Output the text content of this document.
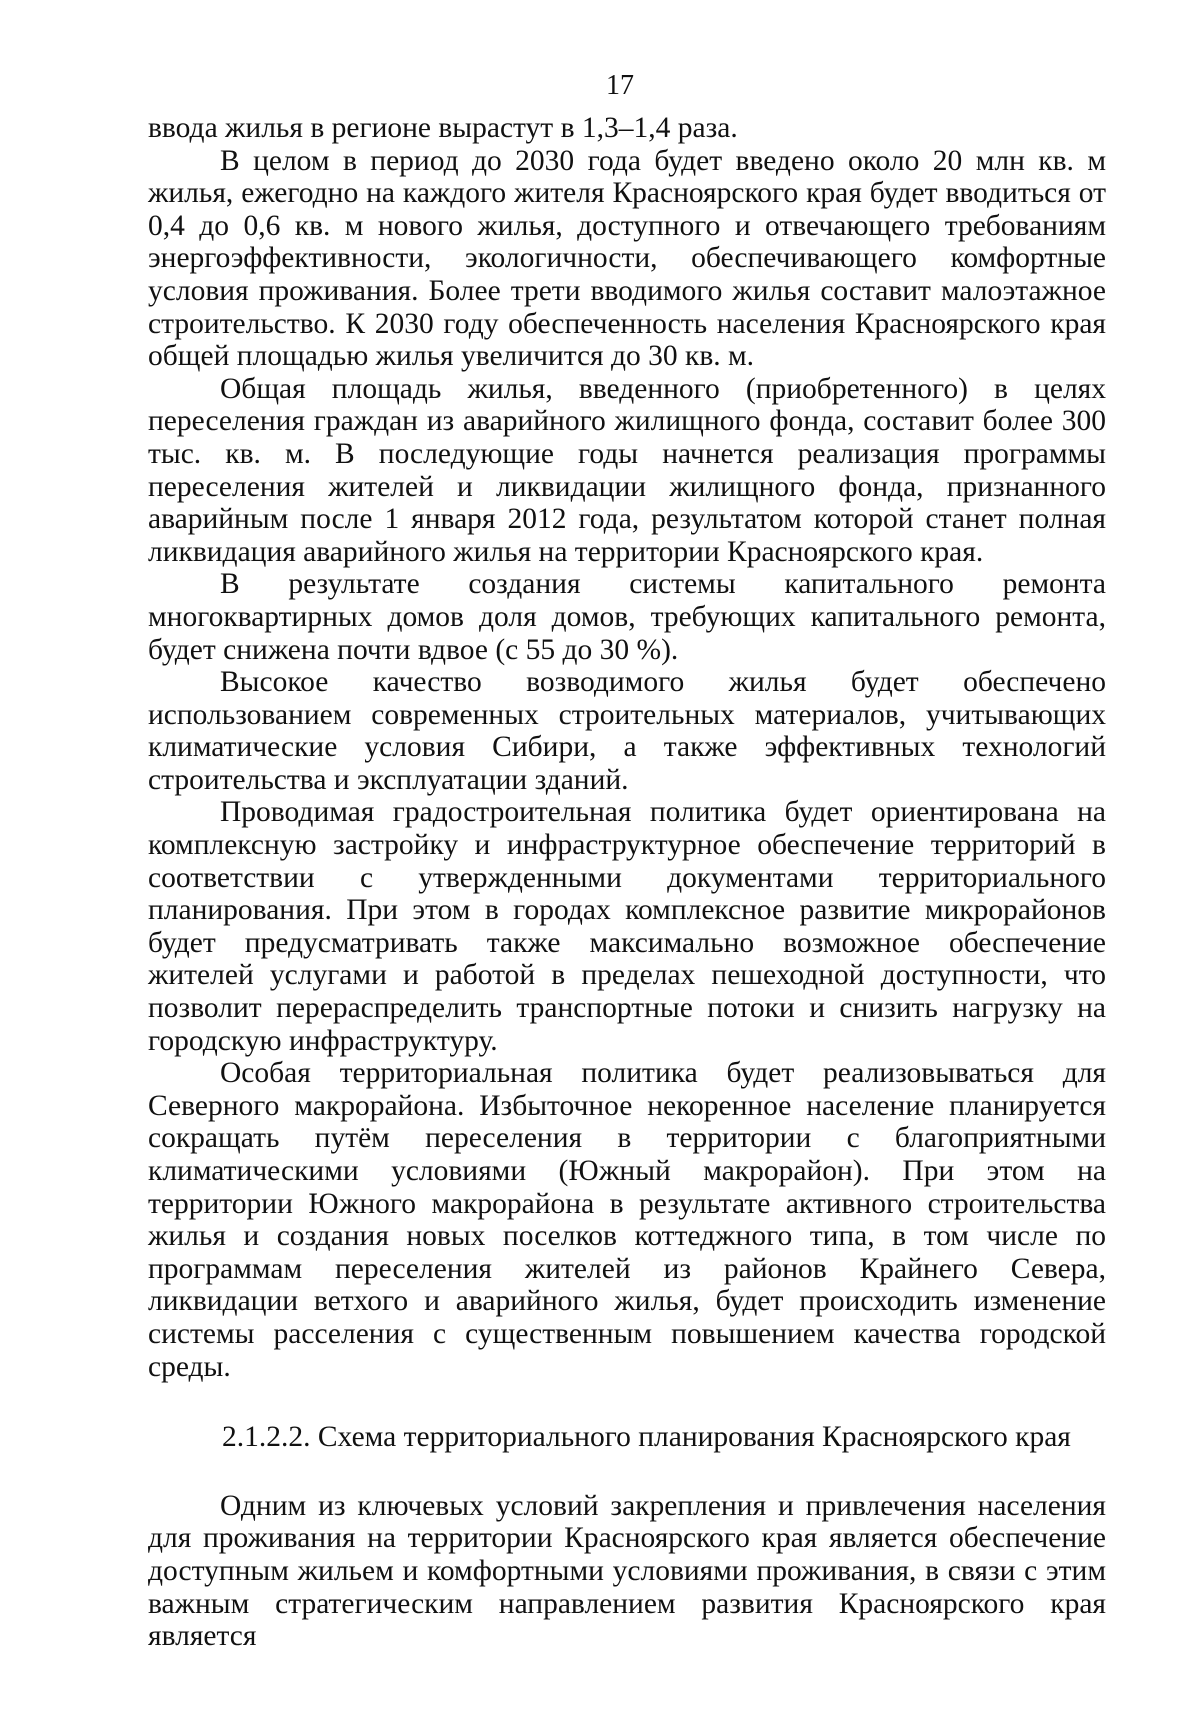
17

ввода жилья в регионе вырастут в 1,3–1,4 раза.

В целом в период до 2030 года будет введено около 20 млн кв. м жилья, ежегодно на каждого жителя Красноярского края будет вводиться от 0,4 до 0,6 кв. м нового жилья, доступного и отвечающего требованиям энергоэффективности, экологичности, обеспечивающего комфортные условия проживания. Более трети вводимого жилья составит малоэтажное строительство. К 2030 году обеспеченность населения Красноярского края общей площадью жилья увеличится до 30 кв. м.

Общая площадь жилья, введенного (приобретенного) в целях переселения граждан из аварийного жилищного фонда, составит более 300 тыс. кв. м. В последующие годы начнется реализация программы переселения жителей и ликвидации жилищного фонда, признанного аварийным после 1 января 2012 года, результатом которой станет полная ликвидация аварийного жилья на территории Красноярского края.

В результате создания системы капитального ремонта многоквартирных домов доля домов, требующих капитального ремонта, будет снижена почти вдвое (с 55 до 30 %).

Высокое качество возводимого жилья будет обеспечено использованием современных строительных материалов, учитывающих климатические условия Сибири, а также эффективных технологий строительства и эксплуатации зданий.

Проводимая градостроительная политика будет ориентирована на комплексную застройку и инфраструктурное обеспечение территорий в соответствии с утвержденными документами территориального планирования. При этом в городах комплексное развитие микрорайонов будет предусматривать также максимально возможное обеспечение жителей услугами и работой в пределах пешеходной доступности, что позволит перераспределить транспортные потоки и снизить нагрузку на городскую инфраструктуру.

Особая территориальная политика будет реализовываться для Северного макрорайона. Избыточное некоренное население планируется сокращать путём переселения в территории с благоприятными климатическими условиями (Южный макрорайон). При этом на территории Южного макрорайона в результате активного строительства жилья и создания новых поселков коттеджного типа, в том числе по программам переселения жителей из районов Крайнего Севера, ликвидации ветхого и аварийного жилья, будет происходить изменение системы расселения с существенным повышением качества городской среды.

2.1.2.2. Схема территориального планирования Красноярского края

Одним из ключевых условий закрепления и привлечения населения для проживания на территории Красноярского края является обеспечение доступным жильем и комфортными условиями проживания, в связи с этим важным стратегическим направлением развития Красноярского края является
